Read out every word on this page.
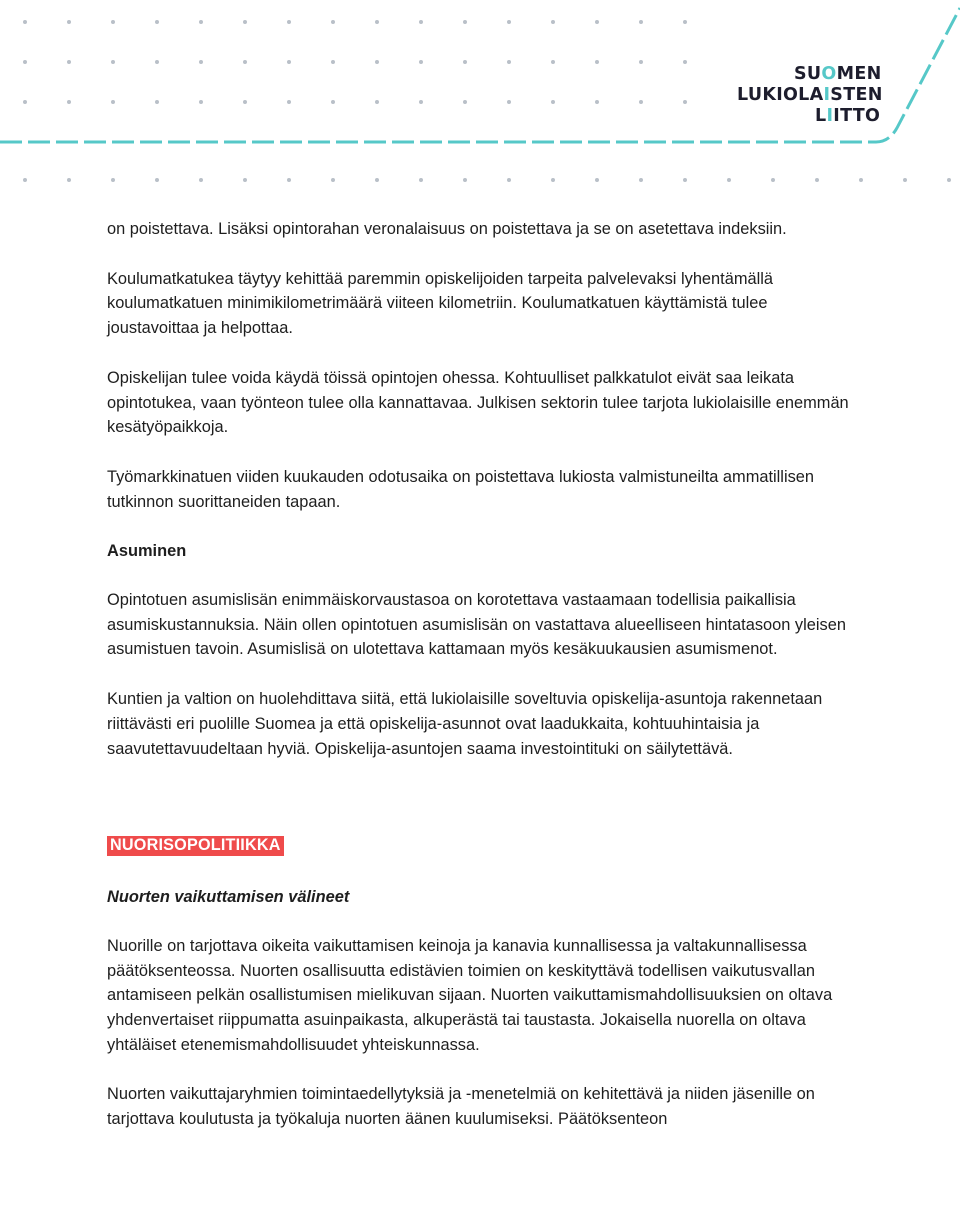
SUOMEN
LUKIOLAISTEN
LIITTO

on poistettava. Lisäksi opintorahan veronalaisuus on poistettava ja se on asetettava indeksiin.

Koulumatkatukea täytyy kehittää paremmin opiskelijoiden tarpeita palvelevaksi lyhentämällä koulumatkatuen minimikilometrimäärä viiteen kilometriin. Koulumatkatuen käyttämistä tulee joustavoittaa ja helpottaa.

Opiskelijan tulee voida käydä töissä opintojen ohessa. Kohtuulliset palkkatulot eivät saa leikata opintotukea, vaan työnteon tulee olla kannattavaa. Julkisen sektorin tulee tarjota lukiolaisille enemmän kesätyöpaikkoja.

Työmarkkinatuen viiden kuukauden odotusaika on poistettava lukiosta valmistuneilta ammatillisen tutkinnon suorittaneiden tapaan.

Asuminen

Opintotuen asumislisän enimmäiskorvaustasoa on korotettava vastaamaan todellisia paikallisia asumiskustannuksia. Näin ollen opintotuen asumislisän on vastattava alueelliseen hintatasoon yleisen asumistuen tavoin. Asumislisä on ulotettava kattamaan myös kesäkuukausien asumismenot.

Kuntien ja valtion on huolehdittava siitä, että lukiolaisille soveltuvia opiskelija-asuntoja rakennetaan riittävästi eri puolille Suomea ja että opiskelija-asunnot ovat laadukkaita, kohtuuhintaisia ja saavutettavuudeltaan hyviä. Opiskelija-asuntojen saama investointituki on säilytettävä.

NUORISOPOLITIIKKA
Nuorten vaikuttamisen välineet

Nuorille on tarjottava oikeita vaikuttamisen keinoja ja kanavia kunnallisessa ja valtakunnallisessa päätöksenteossa. Nuorten osallisuutta edistävien toimien on keskityttävä todellisen vaikutusvallan antamiseen pelkän osallistumisen mielikuvan sijaan. Nuorten vaikuttamismahdollisuuksien on oltava yhdenvertaiset riippumatta asuinpaikasta, alkuperästä tai taustasta. Jokaisella nuorella on oltava yhtäläiset etenemismahdollisuudet yhteiskunnassa.

Nuorten vaikuttajaryhmien toimintaedellytyksiä ja -menetelmiä on kehitettävä ja niiden jäsenille on tarjottava koulutusta ja työkaluja nuorten äänen kuulumiseksi. Päätöksenteon
